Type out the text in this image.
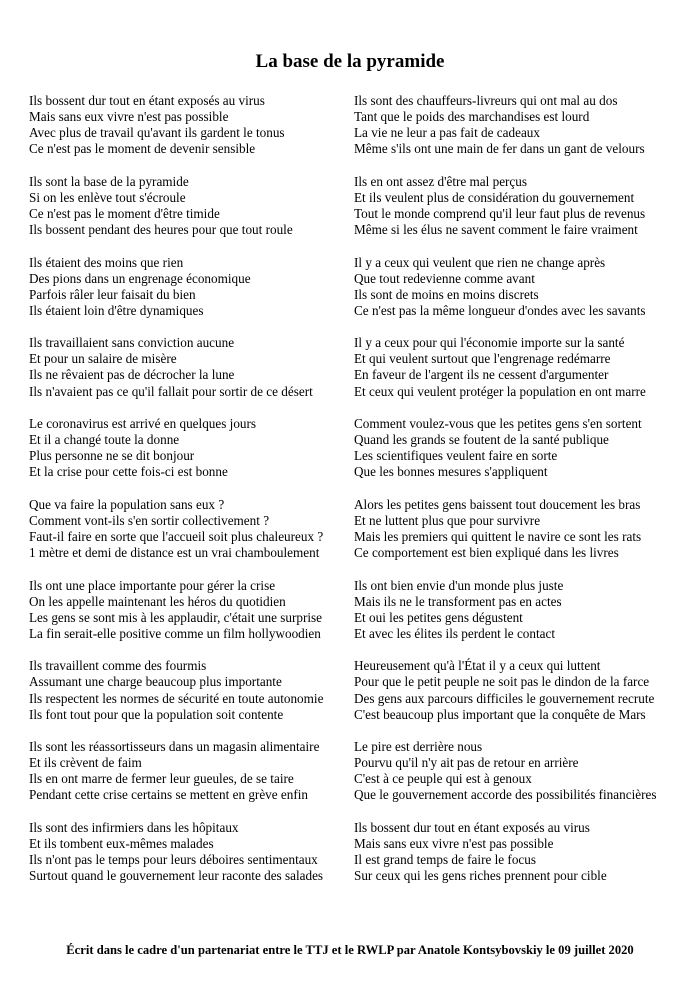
La base de la pyramide
Ils bossent dur tout en étant exposés au virus
Mais sans eux vivre n'est pas possible
Avec plus de travail qu'avant ils gardent le tonus
Ce n'est pas le moment de devenir sensible
Ils sont la base de la pyramide
Si on les enlève tout s'écroule
Ce n'est pas le moment d'être timide
Ils bossent pendant des heures pour que tout roule
Ils étaient des moins que rien
Des pions dans un engrenage économique
Parfois râler leur faisait du bien
Ils étaient loin d'être dynamiques
Ils travaillaient sans conviction aucune
Et pour un salaire de misère
Ils ne rêvaient pas de décrocher la lune
Ils n'avaient pas ce qu'il fallait pour sortir de ce désert
Le coronavirus est arrivé en quelques jours
Et il a changé toute la donne
Plus personne ne se dit bonjour
Et la crise pour cette fois-ci est bonne
Que va faire la population sans eux ?
Comment vont-ils s'en sortir collectivement ?
Faut-il faire en sorte que l'accueil soit plus chaleureux ?
1 mètre et demi de distance est un vrai chamboulement
Ils ont une place importante pour gérer la crise
On les appelle maintenant les héros du quotidien
Les gens se sont mis à les applaudir, c'était une surprise
La fin serait-elle positive comme un film hollywoodien
Ils travaillent comme des fourmis
Assumant une charge beaucoup plus importante
Ils respectent les normes de sécurité en toute autonomie
Ils font tout pour que la population soit contente
Ils sont les réassortisseurs dans un magasin alimentaire
Et ils crèvent de faim
Ils en ont marre de fermer leur gueules, de se taire
Pendant cette crise certains se mettent en grève enfin
Ils sont des infirmiers dans les hôpitaux
Et ils tombent eux-mêmes malades
Ils n'ont pas le temps pour leurs déboires sentimentaux
Surtout quand le gouvernement leur raconte des salades
Ils sont des chauffeurs-livreurs qui ont mal au dos
Tant que le poids des marchandises est lourd
La vie ne leur a pas fait de cadeaux
Même s'ils ont une main de fer dans un gant de velours
Ils en ont assez d'être mal perçus
Et ils veulent plus de considération du gouvernement
Tout le monde comprend qu'il leur faut plus de revenus
Même si les élus ne savent comment le faire vraiment
Il y a ceux qui veulent que rien ne change après
Que tout redevienne comme avant
Ils sont de moins en moins discrets
Ce n'est pas la même longueur d'ondes avec les savants
Il y a ceux pour qui l'économie importe sur la santé
Et qui veulent surtout que l'engrenage redémarre
En faveur de l'argent ils ne cessent d'argumenter
Et ceux qui veulent protéger la population en ont marre
Comment voulez-vous que les petites gens s'en sortent
Quand les grands se foutent de la santé publique
Les scientifiques veulent faire en sorte
Que les bonnes mesures s'appliquent
Alors les petites gens baissent tout doucement les bras
Et ne luttent plus que pour survivre
Mais les premiers qui quittent le navire ce sont les rats
Ce comportement est bien expliqué dans les livres
Ils ont bien envie d'un monde plus juste
Mais ils ne le transforment pas en actes
Et oui les petites gens dégustent
Et avec les élites ils perdent le contact
Heureusement qu'à l'État il y a ceux qui luttent
Pour que le petit peuple ne soit pas le dindon de la farce
Des gens aux parcours difficiles le gouvernement recrute
C'est beaucoup plus important que la conquête de Mars
Le pire est derrière nous
Pourvu qu'il n'y ait pas de retour en arrière
C'est à ce peuple qui est à genoux
Que le gouvernement accorde des possibilités financières
Ils bossent dur tout en étant exposés au virus
Mais sans eux vivre n'est pas possible
Il est grand temps de faire le focus
Sur ceux qui les gens riches prennent pour cible
Écrit dans le cadre d'un partenariat entre le TTJ et le RWLP par Anatole Kontsybovskiy le 09 juillet 2020
